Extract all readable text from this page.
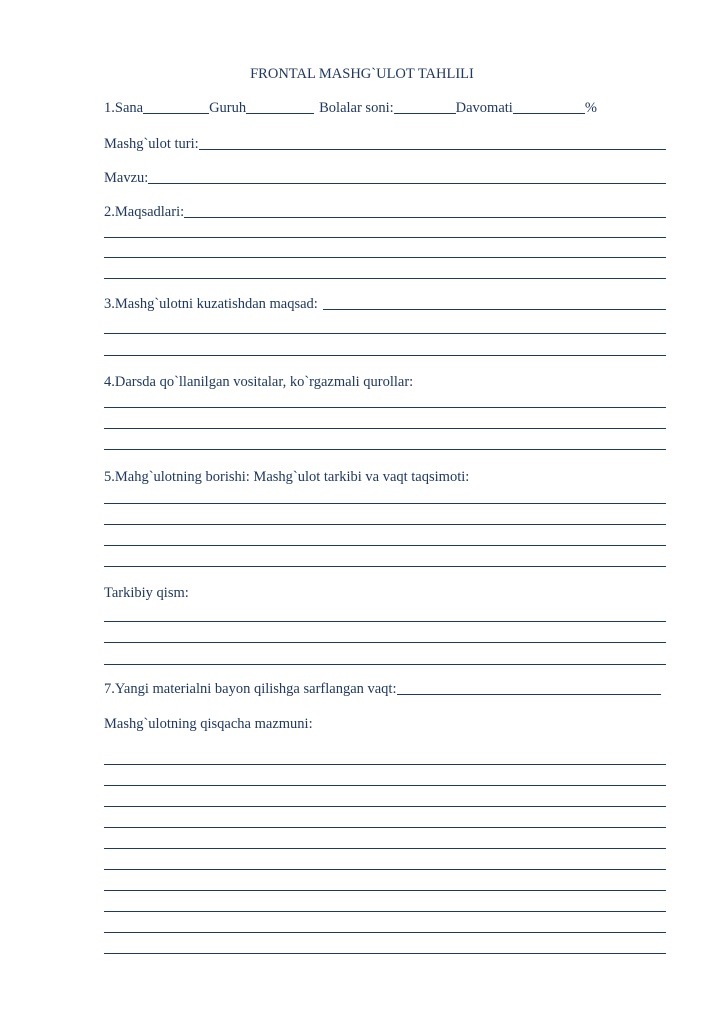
FRONTAL MASHG`ULOT TAHLILI
1.Sana	Guruh	Bolalar soni:	Davomati	%
Mashg`ulot turi:
Mavzu:
2.Maqsadlari:
3.Mashg`ulotni kuzatishdan maqsad:
4.Darsda qo`llanilgan vositalar, ko`rgazmali qurollar:
5.Mahg`ulotning borishi: Mashg`ulot tarkibi va vaqt taqsimoti:
Tarkibiy qism:
7.Yangi materialni bayon qilishga sarflangan vaqt:
Mashg`ulotning qisqacha mazmuni:
